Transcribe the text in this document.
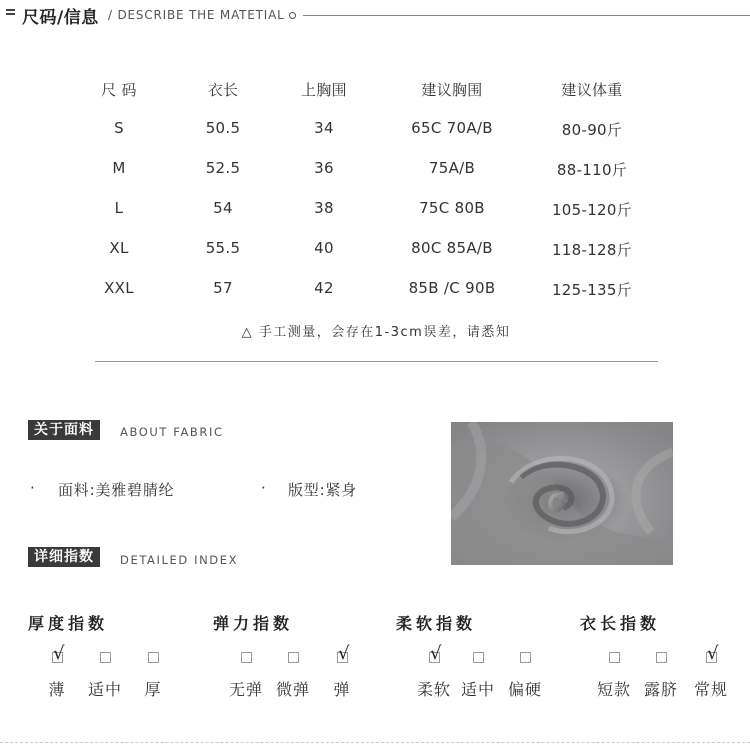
尺码/信息 / DESCRIBE THE MATETIAL
尺 码	衣长	上胸围	建议胸围	建议体重
S	50.5	34	65C 70A/B	80-90斤
M	52.5	36	75A/B	88-110斤
L	54	38	75C 80B	105-120斤
XL	55.5	40	80C 85A/B	118-128斤
XXL	57	42	85B /C 90B	125-135斤
△ 手工测量，会存在1-3cm误差，请悉知
关于面料	ABOUT FABRIC
· 面料:美雅碧腈纶	· 版型:紧身
详细指数	DETAILED INDEX
厚度指数
√
薄 适中 厚
弹力指数
无弹 微弹
√
弹
柔软指数
√
柔软 适中 偏硬
衣长指数
短款 露脐
√
常规
